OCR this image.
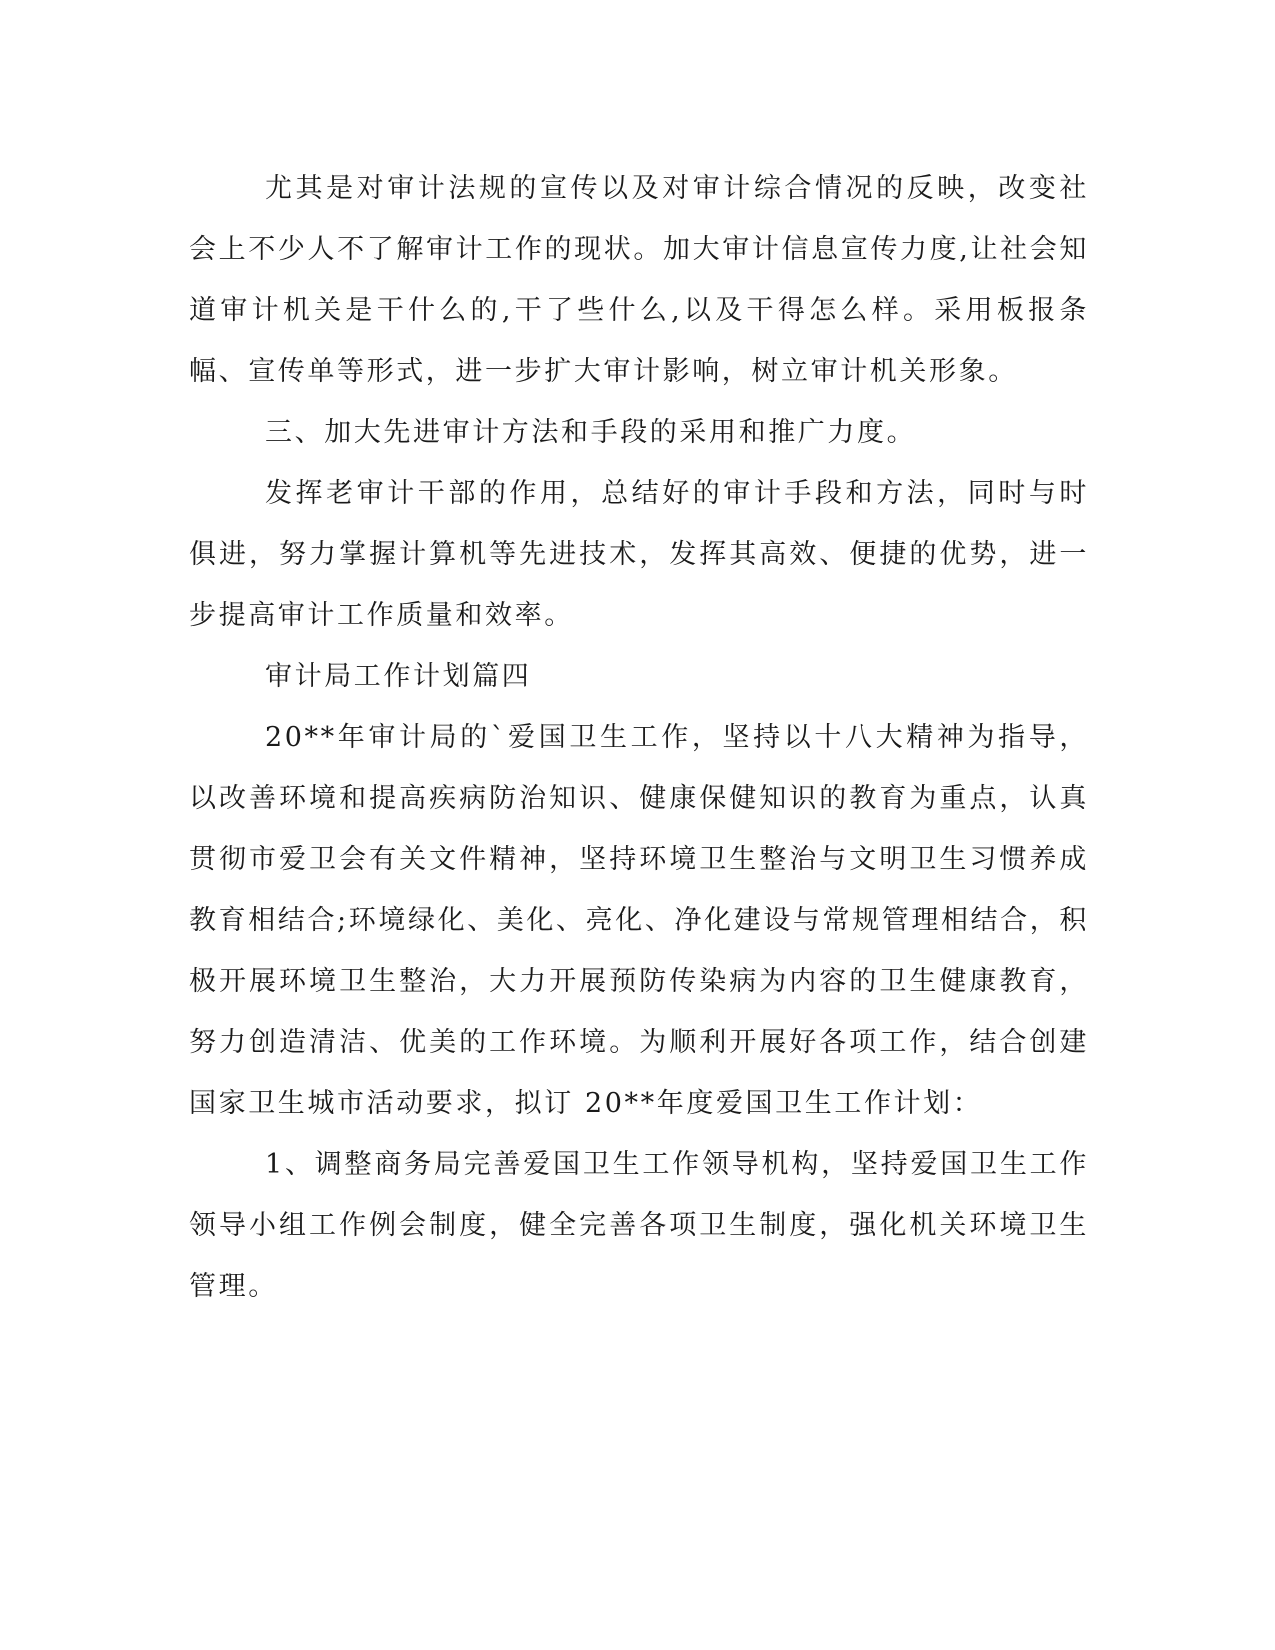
尤其是对审计法规的宣传以及对审计综合情况的反映，改变社会上不少人不了解审计工作的现状。加大审计信息宣传力度,让社会知道审计机关是干什么的,干了些什么,以及干得怎么样。采用板报条幅、宣传单等形式，进一步扩大审计影响，树立审计机关形象。

三、加大先进审计方法和手段的采用和推广力度。

发挥老审计干部的作用，总结好的审计手段和方法，同时与时俱进，努力掌握计算机等先进技术，发挥其高效、便捷的优势，进一步提高审计工作质量和效率。

审计局工作计划篇四

20**年审计局的`爱国卫生工作，坚持以十八大精神为指导，以改善环境和提高疾病防治知识、健康保健知识的教育为重点，认真贯彻市爱卫会有关文件精神，坚持环境卫生整治与文明卫生习惯养成教育相结合;环境绿化、美化、亮化、净化建设与常规管理相结合，积极开展环境卫生整治，大力开展预防传染病为内容的卫生健康教育，努力创造清洁、优美的工作环境。为顺利开展好各项工作，结合创建国家卫生城市活动要求，拟订 20**年度爱国卫生工作计划：

1、调整商务局完善爱国卫生工作领导机构，坚持爱国卫生工作领导小组工作例会制度，健全完善各项卫生制度，强化机关环境卫生管理。
